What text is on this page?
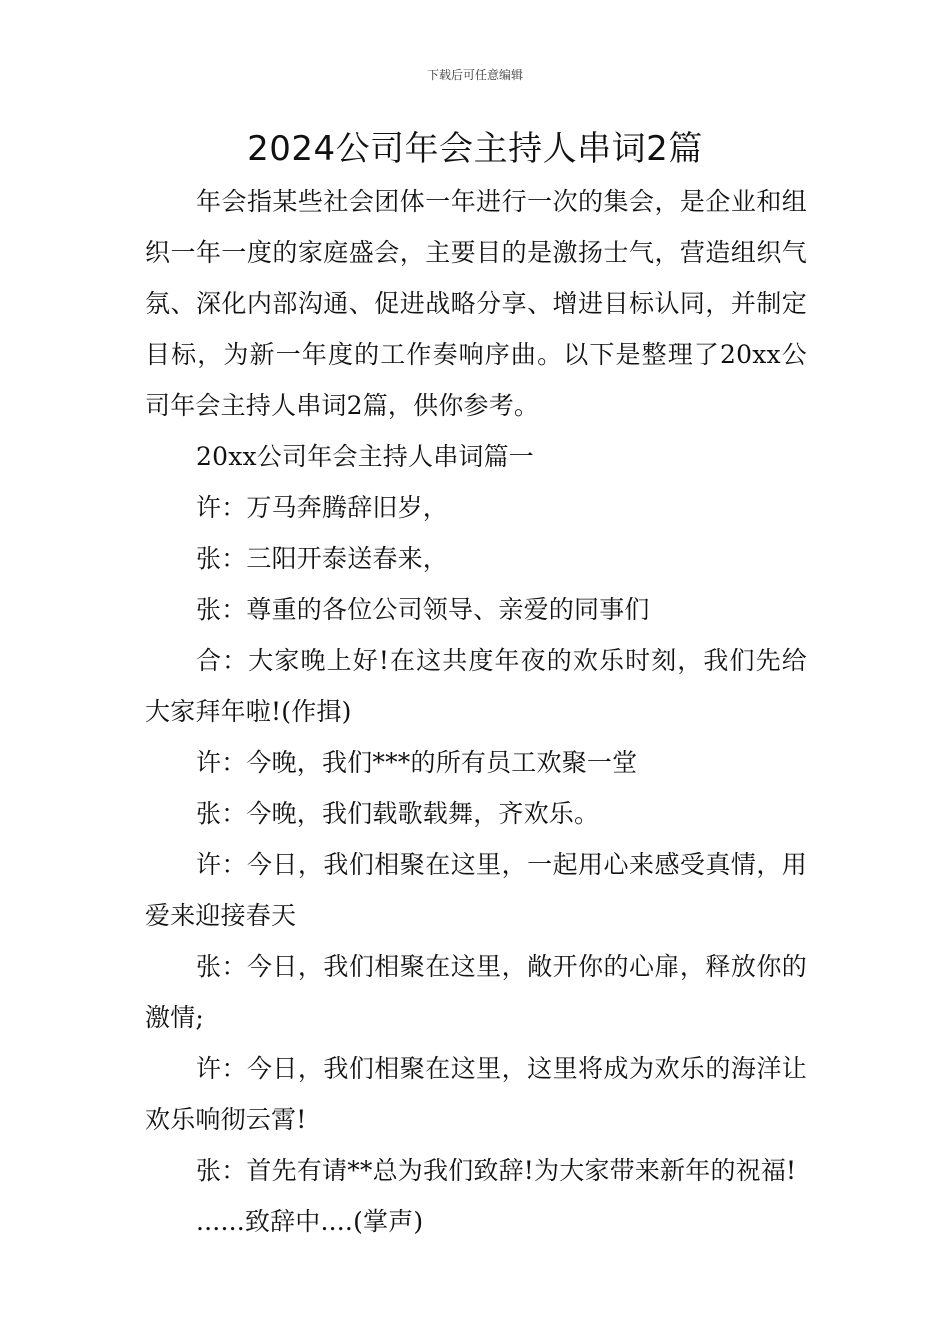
下载后可任意编辑
2024公司年会主持人串词2篇

年会指某些社会团体一年进行一次的集会，是企业和组织一年一度的家庭盛会，主要目的是激扬士气，营造组织气氛、深化内部沟通、促进战略分享、增进目标认同，并制定目标，为新一年度的工作奏响序曲。以下是整理了20xx公司年会主持人串词2篇，供你参考。

20xx公司年会主持人串词篇一

许：万马奔腾辞旧岁，

张：三阳开泰送春来，

张：尊重的各位公司领导、亲爱的同事们

合：大家晚上好!在这共度年夜的欢乐时刻，我们先给大家拜年啦!(作揖)

许：今晚，我们***的所有员工欢聚一堂

张：今晚，我们载歌载舞，齐欢乐。

许：今日，我们相聚在这里，一起用心来感受真情，用爱来迎接春天

张：今日，我们相聚在这里，敞开你的心扉，释放你的激情;

许：今日，我们相聚在这里，这里将成为欢乐的海洋让欢乐响彻云霄!

张：首先有请**总为我们致辞!为大家带来新年的祝福!

......致辞中....(掌声)
